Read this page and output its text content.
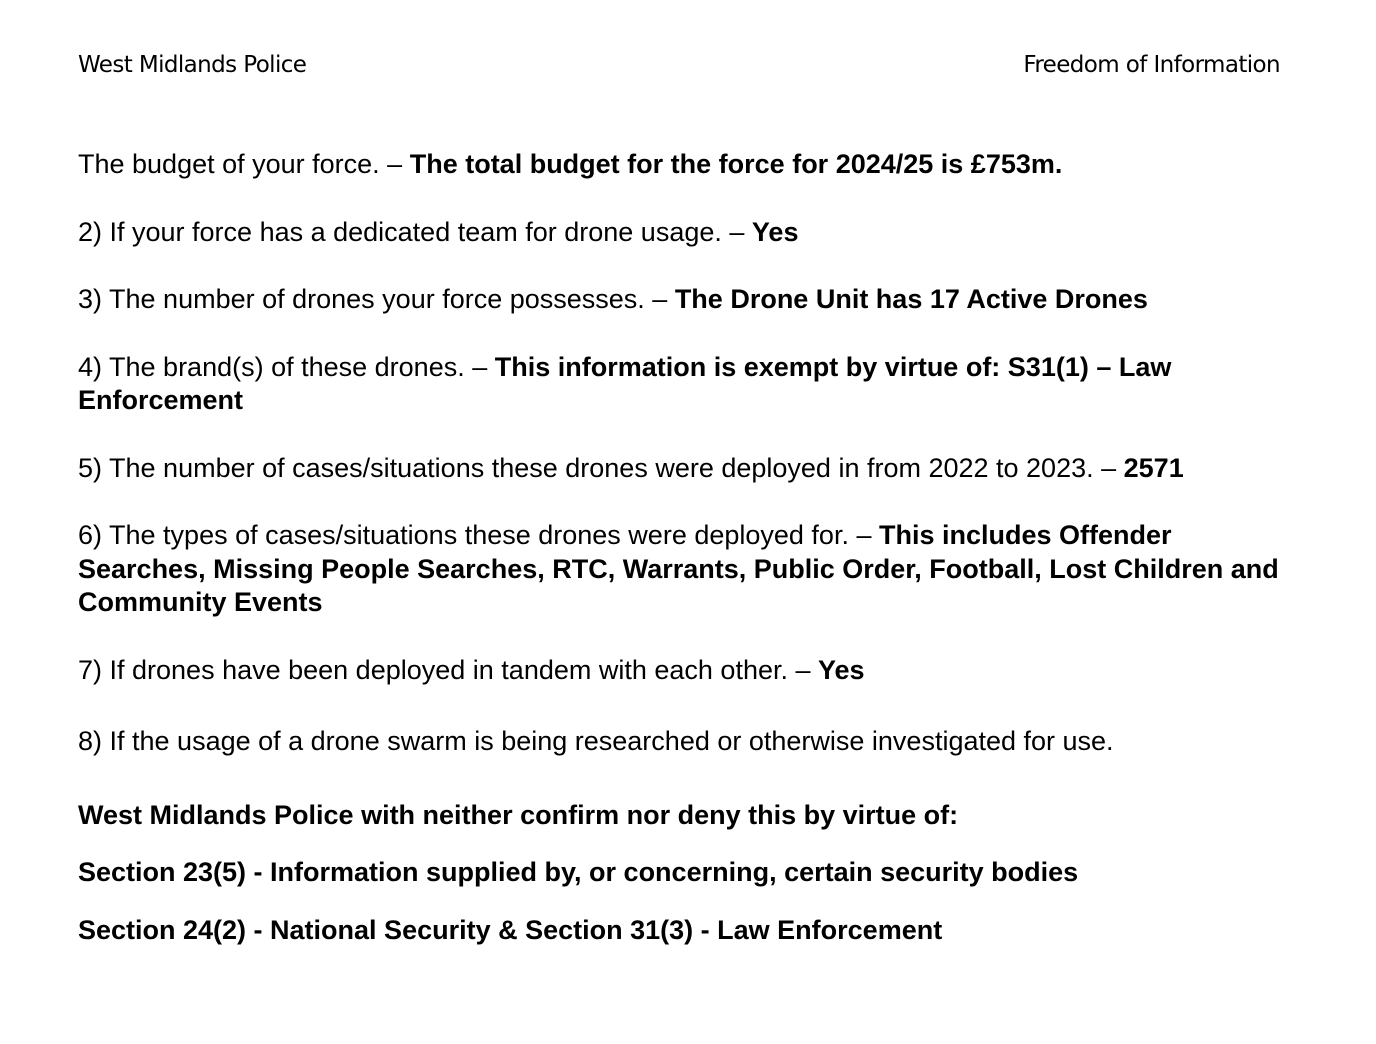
West Midlands Police	Freedom of Information

The budget of your force. – The total budget for the force for 2024/25 is £753m.

2) If your force has a dedicated team for drone usage. – Yes

3) The number of drones your force possesses. – The Drone Unit has 17 Active Drones

4) The brand(s) of these drones. – This information is exempt by virtue of: S31(1) – Law Enforcement

5) The number of cases/situations these drones were deployed in from 2022 to 2023. – 2571

6) The types of cases/situations these drones were deployed for. – This includes Offender Searches, Missing People Searches, RTC, Warrants, Public Order, Football, Lost Children and Community Events

7) If drones have been deployed in tandem with each other. – Yes

8) If the usage of a drone swarm is being researched or otherwise investigated for use.

West Midlands Police with neither confirm nor deny this by virtue of:

Section 23(5) - Information supplied by, or concerning, certain security bodies

Section 24(2) - National Security & Section 31(3) - Law Enforcement
